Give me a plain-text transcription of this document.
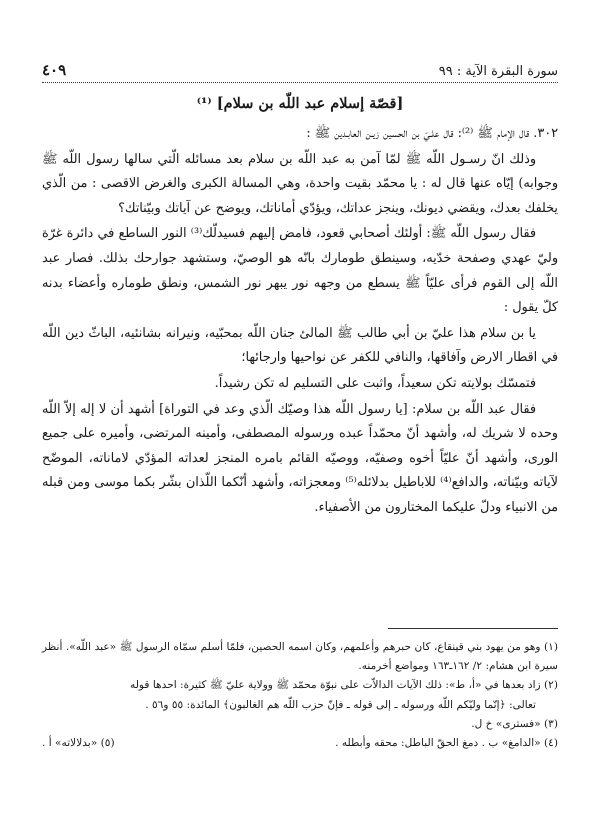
سورة البقرة الآية : ٩٩
٤٠٩
[قصّة إسلام عبد اللّه بن سلام] ⁽¹⁾

٣٠٢. قال الإمام ﷺ ⁽²⁾: قال علـيّ بن الحسين زيـن العابـدين ﷺ :

وذلك انّ رسـول اللّه ﷺ لمّا آمن به عبد اللّه بن سلام بعد مسائله الّتي سالها رسول اللّه ﷺ وجوابه) إيّاه عنها قال له : يا محمّد بقيت واحدة، وهي المسالة الكبرى والغرض الاقصى : من الّذي يخلفك بعدك، ويقضي ديونك، وينجز عداتك، ويؤدّي أماناتك، ويوضح عن آياتك وبيّناتك؟

فقال رسول اللّه ﷺ: أولئك أصحابي قعود، فامض إليهم فسيدلّك⁽³⁾ النور الساطع في دائرة غرّة وليّ عهدي وصفحة خدّيه، وسينطق طومارك بانّه هو الوصيّ، وستشهد جوارحك بذلك. فصار عبد اللّه إلى القوم فرأى عليّاً ﷺ يسطع من وجهه نور يبهر نور الشمس، ونطق طوماره وأعضاء بدنه كلّ يقول :

يا بن سلام هذا عليّ بن أبي طالب ﷺ المالئ جنان اللّه بمحبّيه، ونيرانه بشانئيه، الباثّ دين اللّه في اقطار الارض وآفاقها، والنافي للكفر عن نواحيها وارجائها؛

فتمسّك بولايته تكن سعيداً، واثبت على التسليم له تكن رشيداً.

فقال عبد اللّه بن سلام: [يا رسول اللّه هذا وصيّك الّذي وعد في التوراة] أشهد أن لا إله إلاّ اللّه وحده لا شريك له، وأشهد أنّ محمّداً عبده ورسوله المصطفى، وأمينه المرتضى، وأميره على جميع الورى، وأشهد أنّ عليّاً أخوه وصفيّه، ووصيّه القائم بامره المنجز لعداته المؤدّي لاماناته، الموضّح لآياته وبيّناته، والدافع⁽⁴⁾ للاباطيل بدلائله⁽⁵⁾ ومعجزاته، وأشهد أنّكما اللّذان بشّر بكما موسى ومن قبله من الانبياء ودلّ عليكما المختارون من الأصفياء.

(١) وهو من يهود بني قينقاع، كان حبرهم وأعلمهم، وكان اسمه الحصين، فلمّا أسلم سمّاه الرسول ﷺ «عبد اللّه». أنظر سيرة ابن هشام: ٢/ ١٦٢ـ١٦٣ ومواضع أخرمنه.

(٢) زاد بعدها في «أ، ط»: ذلك الآيات الدالاّت على نبوّة محمّد ﷺ وولاية عليّ ﷺ كثيرة: احدها قوله

تعالى: ﴿إنّما وليّكم اللّه ورسوله ـ إلى قوله ـ فإنّ حزب اللّه هم الغالبون﴾ المائدة: ٥٥ و٥٦ .

(٣) «فسترى» خ ل.

(٤) «الدامغ» ب . دمغ الحقّ الباطل: محقه وأبطله .
(٥) «بدلالاته» أ .
